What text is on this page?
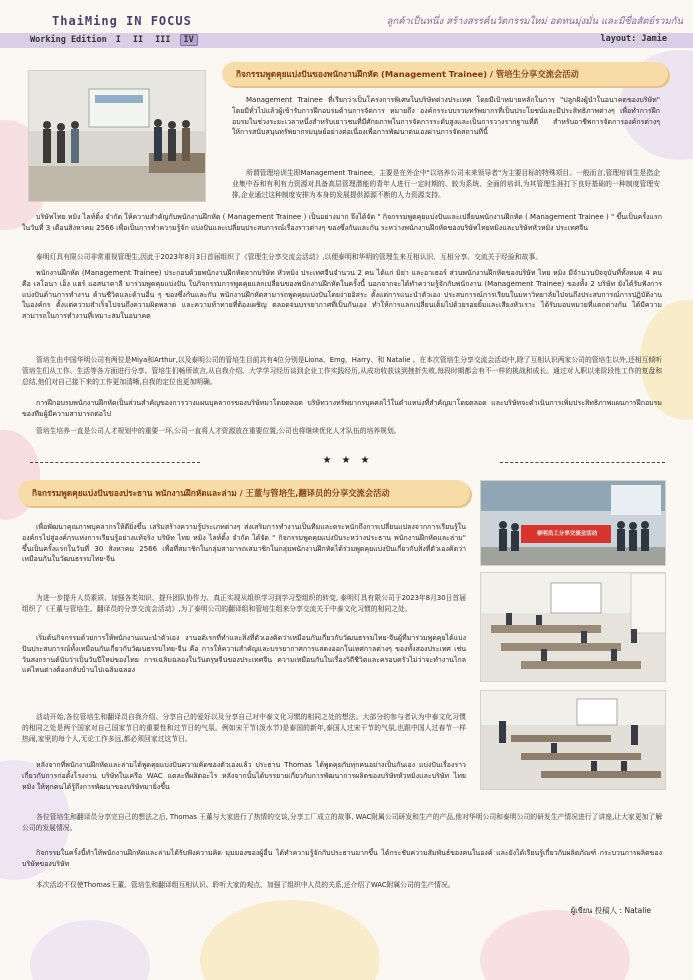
ThaiMing IN FOCUS	ลูกค้าเป็นหนึ่ง สร้างสรรค์นวัตกรรมใหม่ อดทนมุ่งมั่น และมีซื่อสัตย์รวมกัน
Working Edition	I	II	III	IV	layout: Jamie
กิจกรรมพูดคุยแบ่งปันของพนักงานฝึกหัด (Management Trainee) / 管培生分享交流会活动
Management Trainee ที่เรียกว่าเป็นโครงการพิเศษในบริษัทต่างประเทศ โดยมีเป้าหมายหลักในการ "ปลูกฝังผู้นำในอนาคตของบริษัท" โดยมีทั่วไปแล้วผู้เข้ารับการฝึกอบรมด้านการจัดการ หมายถึง องค์กรระบบรวมทรัพยากรที่เป็นประโยชน์และมีประสิทธิภาพต่างๆ เพื่อทำการฝึกอบรมในช่วงระยะเวลาหนึ่งสำหรับเยาวชนที่มีศักยภาพในการจัดการระดับสูงและเป็นการวางรากฐานที่ดี สำหรับอาชีพการจัดการองค์กรต่างๆ ให้การสนับสนุนทรัพยากรมนุษย์อย่างต่อเนื่องเพื่อการพัฒนาตนเองผ่านการจัดสถานที่นี้
所谓管理培训生即Management Trainee。主要是在外企中"以培养公司未来领导者"为主要目标的特殊项目。一般而言,管理培训生是指企业集中吞和有利有力资源对具备高层管理潜能的青年人进行一定时期的、较为系统、全面的培训,为其管理生涯打下良好基础的一种制度管理安排,企业通过这种制度安排为本身的发展提供源源不断的人力资源支持。
บริษัทไทย หมิง ไลท์ติ้ง จำกัด ให้ความสำคัญกับพนักงานฝึกหัด ( Management Trainee ) เป็นอย่างมาก จึงได้จัด " กิจกรรมพูดคุยแบ่งปันและเปลี่ยนพนักงานฝึกหัด ( Management Trainee ) " ขึ้นเป็นครั้งแรก ในวันที่ 3 เดือนสิงหาคม 2566 เพื่อเป็นการทำความรู้จัก แบ่งปันและเปลี่ยนประสบการณ์เรื่องราวต่างๆ ของซึ่งกันและกัน ระหว่างพนักงานฝึกหัดของบริษัทไทยหมิงและบริษัทหัวหมิง ประเทศจีน
泰明灯具有限公司非常重视管理生,因此于2023年8月3日首届组织了《管理生分享交流会活动》,以便泰明和华明的管理生来互相认识、互相分享、交流关于经验和故事。
พนักงานฝึกหัด (Management Trainee) ประกอบด้วยพนักงานฝึกหัดจากบริษัท หัวหมิง ประเทศจีนจำนวน 2 คน ได้แก่ มิย่า และอาเธอร์ ส่วนพนักงานฝึกหัดของบริษัท ไทย หมิง มีจำนวนปัจจุบันที่ทั้งหมด 4 คน คือ เลโอนา เอ็ง แฮร์ แอสนาตาลี มาร่วมพูดคุยแบ่งปัน ในกิจกรรมการพูดคุยแลกเปลี่ยนของพนักงานฝึกหัดในครั้งนี้ นอกจากจะได้ทำความรู้จักกับพนักงาน (Management Trainee) ของทั้ง 2 บริษัท ยังได้รับฟังการแบ่งปันด้านการทำงาน ด้านชีวิตและด้านอื่น ๆ ของซึ่งกันและกัน พนักงานฝึกหัดสามารถพูดคุยแบ่งปันโดยง่ายอิสระ ตั้งแต่การแนะนำตัวเอง ประสบการณ์การเรียนในมหาวิทยาลัยไปจนถึงประสบการณ์การปฏิบัติงานในองค์กร ตั้งแต่ความสำเร็จไปจนถึงความผิดพลาด และความท้าทายที่ต้องเผชิญ ตลอดจนบรรยากาศที่เป็นกันเอง ทำให้การแลกเปลี่ยนเต็มไปด้วยรอยยิ้มและเสียงหัวเราะ ได้รับมอบหมายที่แตกต่างกัน ได้มีความสามารถในการทำงานที่เหมาะสมในอนาคต
管培生由中国华明公司有两位是Miya和Arthur,以及泰明公司的管培生目前共有4位分别是Liona、Emg、Harry、和 Natalie 。在本次管培生分享交流会活动中,除了互相认识两家公司的管培生以外,还相互倾听管培生们从工作、生活等各方面进行分享。管培生们畅所欲言,从自我介绍、大学学习经历谈到企业工作实践经历,从成功收获谈到挫折失败,每段时期都会有不一样的挑战和成长。通过对人职以来阶段性工作的复盘和总结,他们对自己接下来的工作更加清晰,自我的定位也更加明确。
การฝึกอบรมพนักงานฝึกหัดเป็นส่วนสำคัญของการวางแผนบุคลากรของบริษัทมาโดยตลอด บริษัทวางทรัพยากรบุคคลไว้ในตำแหน่งที่สำคัญมาโดยตลอด และบริษัทจะดำเนินการเพิ่มประสิทธิภาพแผนการฝึกอบรมของทีมผู้มีความสามารถต่อไป
管培生培养一直是公司人才规划中的重要一环,公司一直将人才资源放在重要位置,公司也将继续优化人才队伍的培养规划。
★★★
กิจกรรมพูดคุยแบ่งปันของประธาน พนักงานฝึกหัดและล่าม / 王董与管培生,翻译员的分享交流会活动
泰明员工分享交流会活动
เพื่อพัฒนาคุณภาพบุคลากรให้ดียิ่งขึ้น เสริมสร้างความรู้ประเภทต่างๆ ส่งเสริมการทำงานเป็นทีมและตระหนักถึงการเปลี่ยนแปลงจากการเรียนรู้ในองค์กรไปสู่องค์กรแห่งการเรียนรู้อย่างแท้จริง บริษัท ไทย หมิง ไลท์ติ้ง จำกัด ได้จัด " กิจกรรมพูดคุยแบ่งปันระหว่างประธาน พนักงานฝึกหัดและล่าม" ขึ้นเป็นครั้งแรกในวันที่ 30 สิงหาคม 2566 เพื่อที่สมาชิกในกลุ่มสามารถเสมาชิกในกลุ่มพนักงานฝึกหัดได้ร่วมพูดคุยแบ่งปันเกี่ยวกับสิ่งที่ตัวเองคิดว่าเหมือนกันในวัฒนธรรมไทย-จีน
为进一步提升人员素质、加强各类知识、提升团队协作力、真正实现从组织学习到学习型组织的转变, 泰明灯具有限公司于2023年8月30日首届组织了《王董与管培生、翻译员的分享交流会活动》,为了泰明公司的翻译组和管培生组来分享交流关于中泰文化习惯的相同之处。
เริ่มต้นกิจกรรมด้วยการให้พนักงานแนะนำตัวเอง งานอดิเรกที่ทำและสิ่งที่ตัวเองคิดว่าเหมือนกันเกี่ยวกับวัฒนธรรมไทย-จีนผู้ที่มาร่วมพูดคุยได้แบ่งปันประสบการณ์ทั้งเหมือนกันเกี่ยวกับวัฒนธรรมไทย-จีน คือ การให้ความสำคัญและบรรยากาศการแสดงออกในเทศกาลต่างๆ ของทั้งสองประเทศ เช่น วันสงกรานต์นับว่าเป็นวันปีใหม่ของไทย การเฉลิมฉลองในวันตรุษจีนของประเทศจีน ความเหมือนกันในเรื่องวิถีชีวิตและครอบครัวไม่ว่าจะทำงานไกลแค่ไหนต่างต้องกลับบ้านไปเฉลิมฉลอง
活动开始,各位管培生和翻译员自我介绍、分享自己的爱好以及分享自己对中泰文化习惯的相同之处的想法。大部分的参与者认为中泰文化习惯的相同之处是两个国家对自己国家节日的重要性和过节日的气氛。例如宋干节(泼水节)是泰国的新年,泰国人过宋干节的气氛,也跟中国人过春节一样热闹,家里的每个人,无论工作多远,都必须回家过这节日。
หลังจากที่พนักงานฝึกหัดและล่ามได้พูดคุยแบ่งปันความคิดของตัวเองแล้ว ประธาน Thomas ได้พูดคุยกับทุกคนอย่างเป็นกันเอง แบ่งปันเรื่องราวเกี่ยวกับการก่อตั้งโรงงาน บริษัทในเครือ WAC แตละที่ผลิตอะไร หลังจากนั้นได้บรรยายเกี่ยวกับการพัฒนาการผลิตของบริษัทหัวหมิงและบริษัท ไทย หมิง ให้ทุกคนได้รู้ถึงการพัฒนาของบริษัทมายิ่งขึ้น
各位管培生和翻译员分享完自己的想法之后, Thomas 王董与大家进行了热情的交谈,分享工厂成立的故事, WAC附属公司研发和生产的产品,他对华明公司和泰明公司的研发生产情况进行了讲座,让大家更加了解公司的发展情况。
กิจกรรมในครั้งนี้ทำให้พนักงานฝึกหัดและล่ามได้รับฟังความคิด มุมมองของผู้อื่น ได้ทำความรู้จักกับประธานมากขึ้น ได้กระชับความสัมพันธ์ของคนในองค์ และยังได้เรียนรู้เกี่ยวกับผลิตภัณฑ์ กระบวนการผลิตของบริษัทของบริษัท
本次活动不仅使Thomas王董、管培生和翻译组互相认识、聆听大家的观点、加强了组织中人员的关系,还介绍了WAC附属公司的生产情况。
ผู้เขียน 投稿人 : Natalie
